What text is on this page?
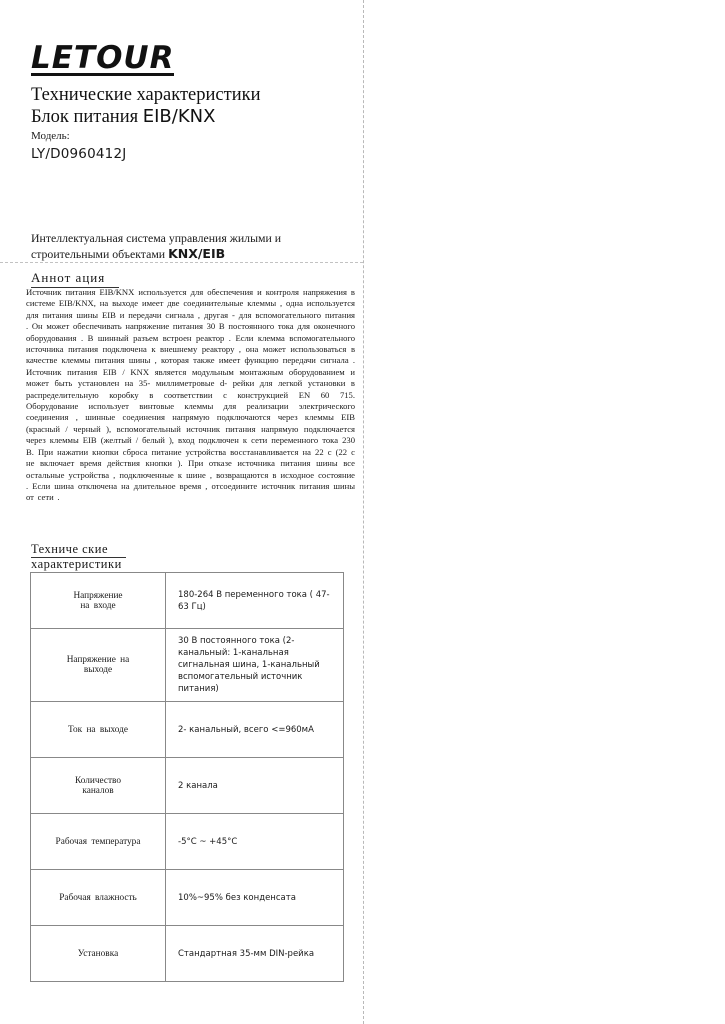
LETOUR
Технические характеристики
Блок питания EIB/KNX
Модель:
LY/D0960412J
Интеллектуальная система управления жилыми и
строительными объектами KNX/EIB
Аннот ация
Источник питания EIB/KNX используется для обеспечения и контроля напряжения в системе EIB/KNX, на выходе имеет две соединительные клеммы , одна используется для питания шины EIB и передачи сигнала , другая - для вспомогательного питания . Он может обеспечивать напряжение питания 30 В постоянного тока для оконечного оборудования . В шинный разъем встроен реактор . Если клемма вспомогательного источника питания подключена к внешнему реактору , она может использоваться в качестве клеммы питания шины , которая также имеет функцию передачи сигнала . Источник питания EIB / KNX является модульным монтажным оборудованием и может быть установлен на 35- миллиметровые d- рейки для легкой установки в распределительную коробку в соответствии с конструкцией EN 60 715. Оборудование использует винтовые клеммы для реализации электрического соединения , шинные соединения напрямую подключаются через клеммы EIB (красный / черный ), вспомогательный источник питания напрямую подключается через клеммы EIB (желтый / белый ), вход подключен к сети переменного тока 230 В. При нажатии кнопки сброса питание устройства восстанавливается на 22 с (22 с не включает время действия кнопки ). При отказе источника питания шины все остальные устройства , подключенные к шине , возвращаются в исходное состояние . Если шина отключена на длительное время , отсоедините источник питания шины от сети .
Техниче ские
характеристики
Напряжение
на входе	180-264 В переменного тока ( 47-63 Гц)
Напряжение на
выходе	30 В постоянного тока (2-канальный: 1-канальная сигнальная шина, 1-канальный вспомогательный источник питания)
Ток на выходе	2- канальный, всего <=960мА
Количество
каналов	2 канала
Рабочая температура	-5°C ~ +45°C
Рабочая влажность	10%~95% без конденсата
Установка	Стандартная 35-мм DIN-рейка
